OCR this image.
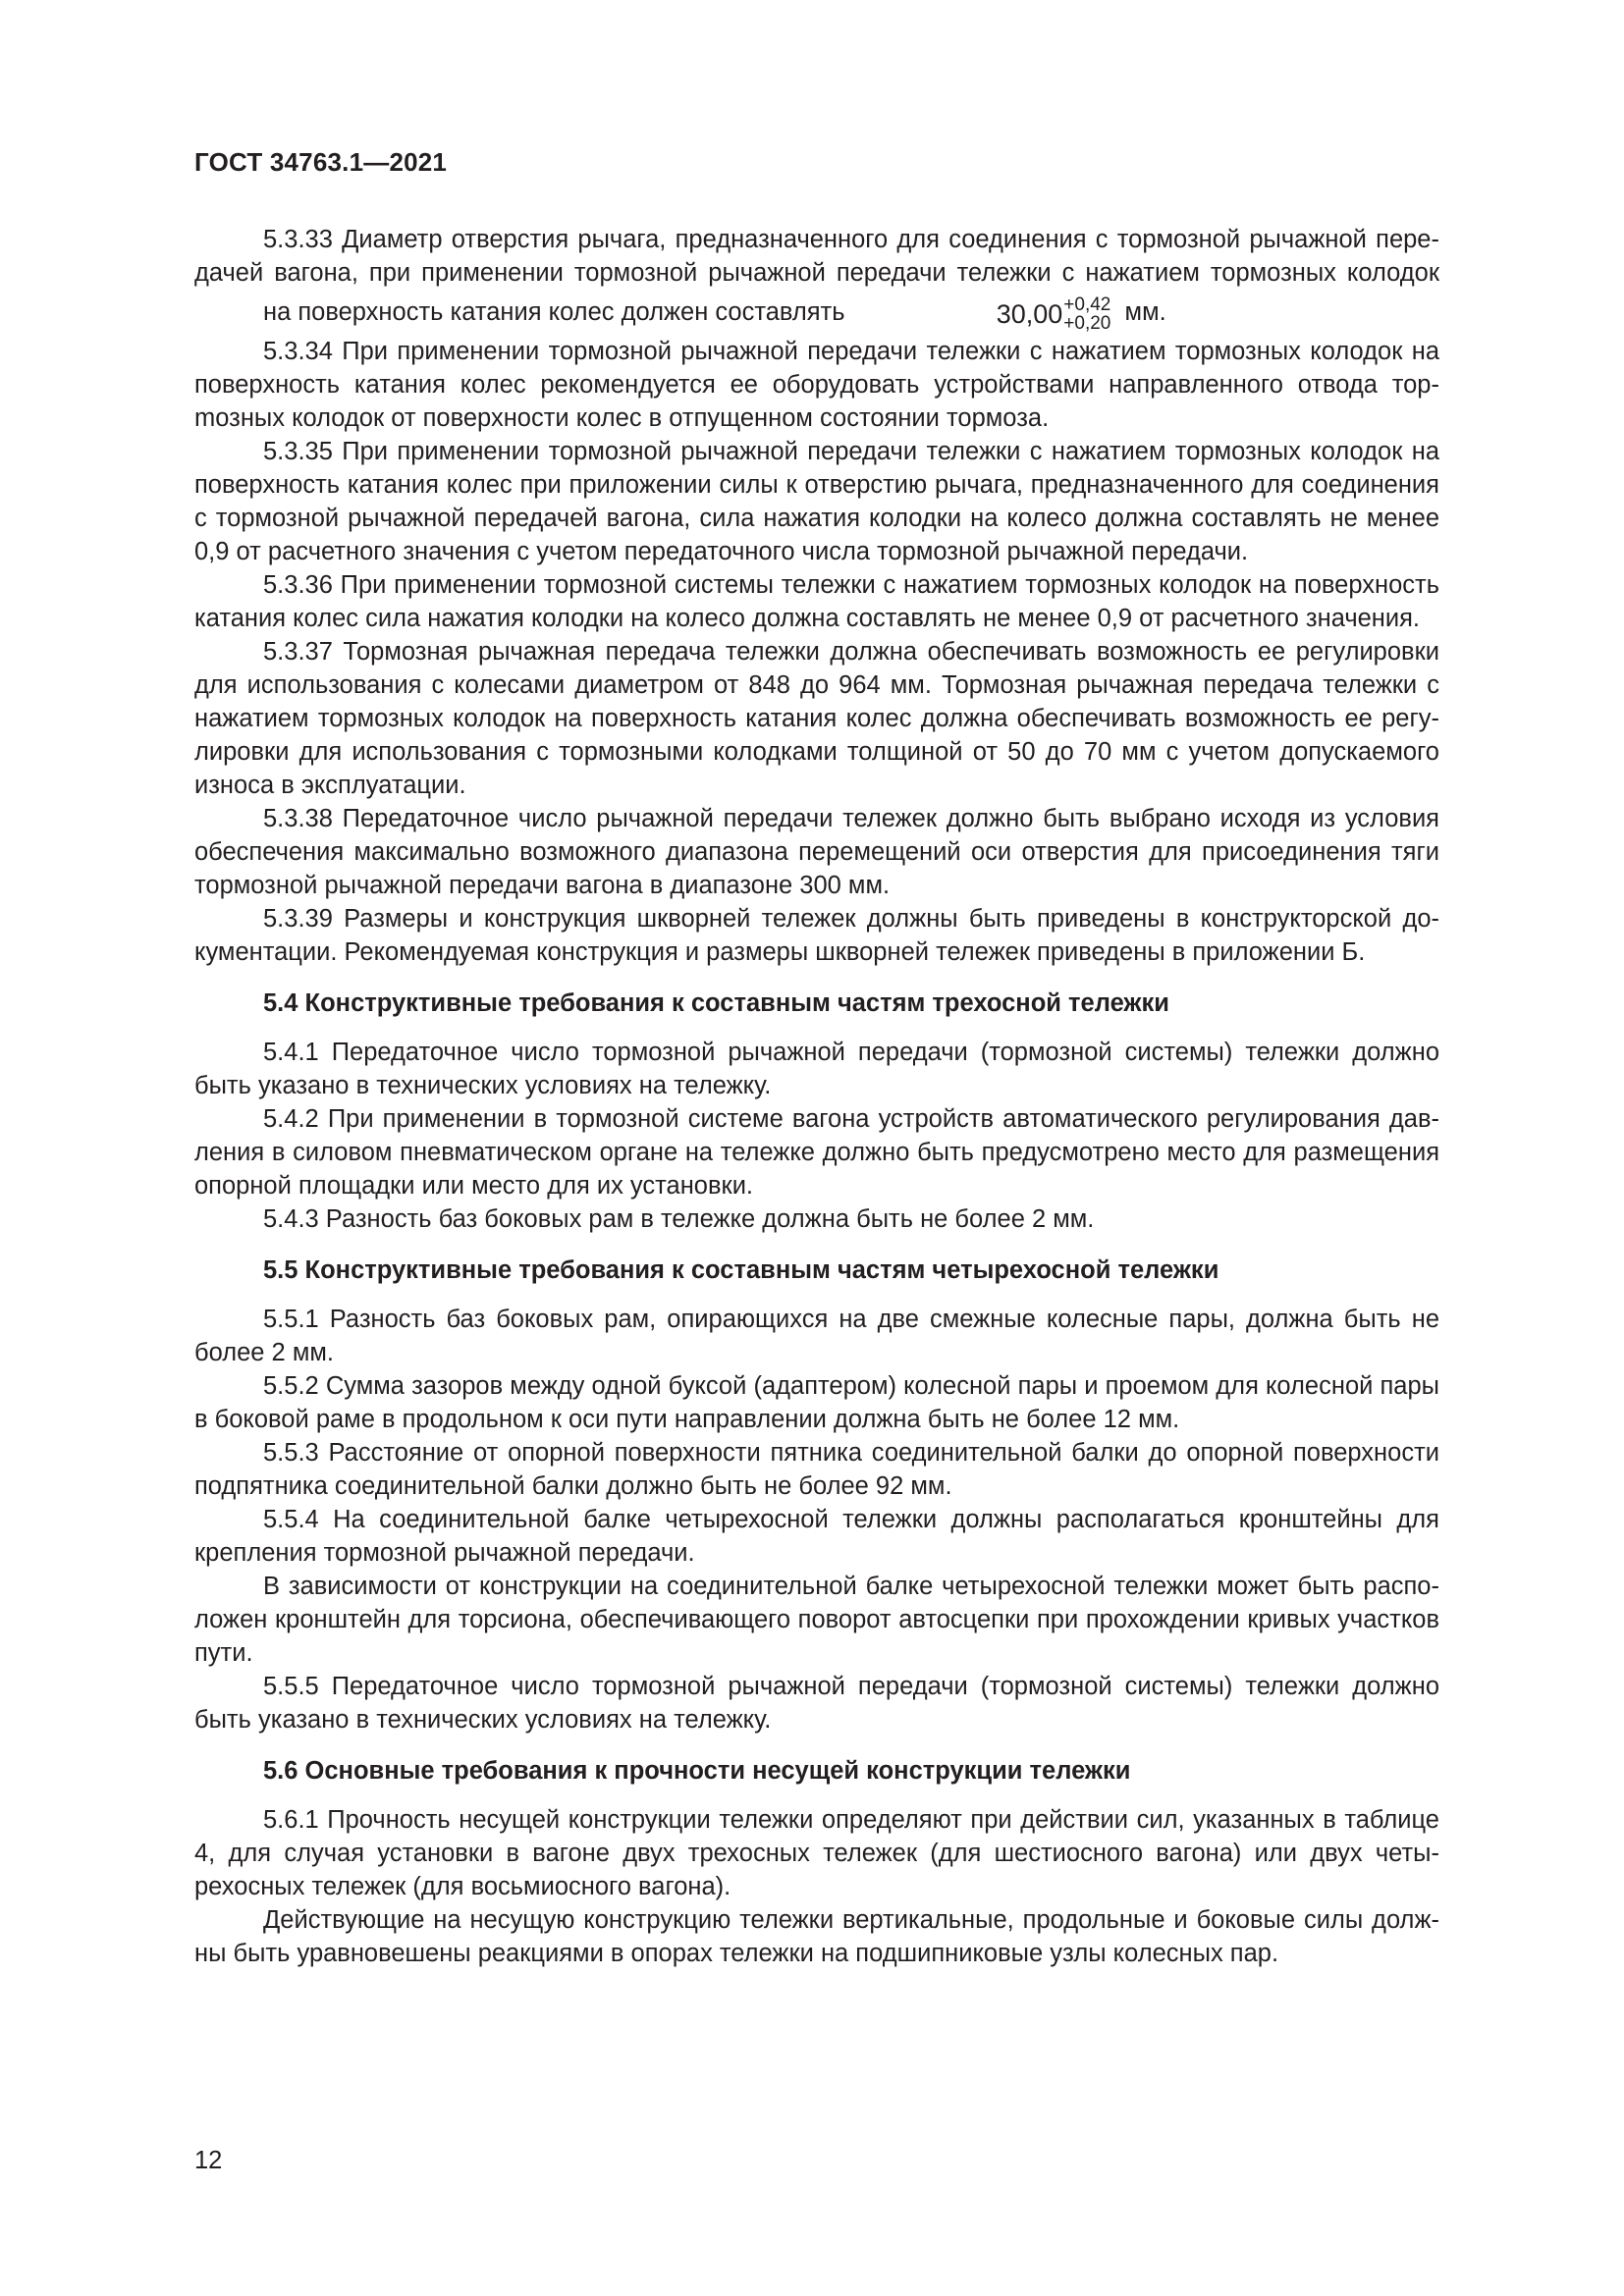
ГОСТ 34763.1—2021

5.3.33 Диаметр отверстия рычага, предназначенного для соединения с тормозной рычажной пере- дачей вагона, при применении тормозной рычажной передачи тележки с нажатием тормозных колодок на поверхность катания колес должен составлять	30,00 +0,42
+0,20 мм.

5.3.34 При применении тормозной рычажной передачи тележки с нажатием тормозных колодок на поверхность катания колес рекомендуется ее оборудовать устройствами направленного отвода торmозных колодок от поверхности колес в отпущенном состоянии тормоза.

5.3.35 При применении тормозной рычажной передачи тележки с нажатием тормозных колодок на поверхность катания колес при приложении силы к отверстию рычага, предназначенного для соединения с тормозной рычажной передачей вагона, сила нажатия колодки на колесо должна составлять не менее 0,9 от расчетного значения с учетом передаточного числа тормозной рычажной передачи.

5.3.36 При применении тормозной системы тележки с нажатием тормозных колодок на поверхность катания колес сила нажатия колодки на колесо должна составлять не менее 0,9 от расчетного значения.

5.3.37 Тормозная рычажная передача тележки должна обеспечивать возможность ее регулировки для использования с колесами диаметром от 848 до 964 мм. Тормозная рычажная передача тележки с нажатием тормозных колодок на поверхность катания колес должна обеспечивать возможность ее регулировки для использования с тормозными колодками толщиной от 50 до 70 мм с учетом допускаемого износа в эксплуатации.

5.3.38 Передаточное число рычажной передачи тележек должно быть выбрано исходя из условия обеспечения максимально возможного диапазона перемещений оси отверстия для присоединения тяги тормозной рычажной передачи вагона в диапазоне 300 мм.

5.3.39 Размеры и конструкция шкворней тележек должны быть приведены в конструкторской документации. Рекомендуемая конструкция и размеры шкворней тележек приведены в приложении Б.

5.4 Конструктивные требования к составным частям трехосной тележки

5.4.1 Передаточное число тормозной рычажной передачи (тормозной системы) тележки должно быть указано в технических условиях на тележку.

5.4.2 При применении в тормозной системе вагона устройств автоматического регулирования давления в силовом пневматическом органе на тележке должно быть предусмотрено место для размещения опорной площадки или место для их установки.

5.4.3 Разность баз боковых рам в тележке должна быть не более 2 мм.

5.5 Конструктивные требования к составным частям четырехосной тележки

5.5.1 Разность баз боковых рам, опирающихся на две смежные колесные пары, должна быть не более 2 мм.

5.5.2 Сумма зазоров между одной буксой (адаптером) колесной пары и проемом для колесной пары в боковой раме в продольном к оси пути направлении должна быть не более 12 мм.

5.5.3 Расстояние от опорной поверхности пятника соединительной балки до опорной поверхности подпятника соединительной балки должно быть не более 92 мм.

5.5.4 На соединительной балке четырехосной тележки должны располагаться кронштейны для крепления тормозной рычажной передачи.

В зависимости от конструкции на соединительной балке четырехосной тележки может быть расположен кронштейн для торсиона, обеспечивающего поворот автосцепки при прохождении кривых участков пути.

5.5.5 Передаточное число тормозной рычажной передачи (тормозной системы) тележки должно быть указано в технических условиях на тележку.

5.6 Основные требования к прочности несущей конструкции тележки

5.6.1 Прочность несущей конструкции тележки определяют при действии сил, указанных в таблице 4, для случая установки в вагоне двух трехосных тележек (для шестиосного вагона) или двух четырехосных тележек (для восьмиосного вагона).

Действующие на несущую конструкцию тележки вертикальные, продольные и боковые силы должны быть уравновешены реакциями в опорах тележки на подшипниковые узлы колесных пар.

12
